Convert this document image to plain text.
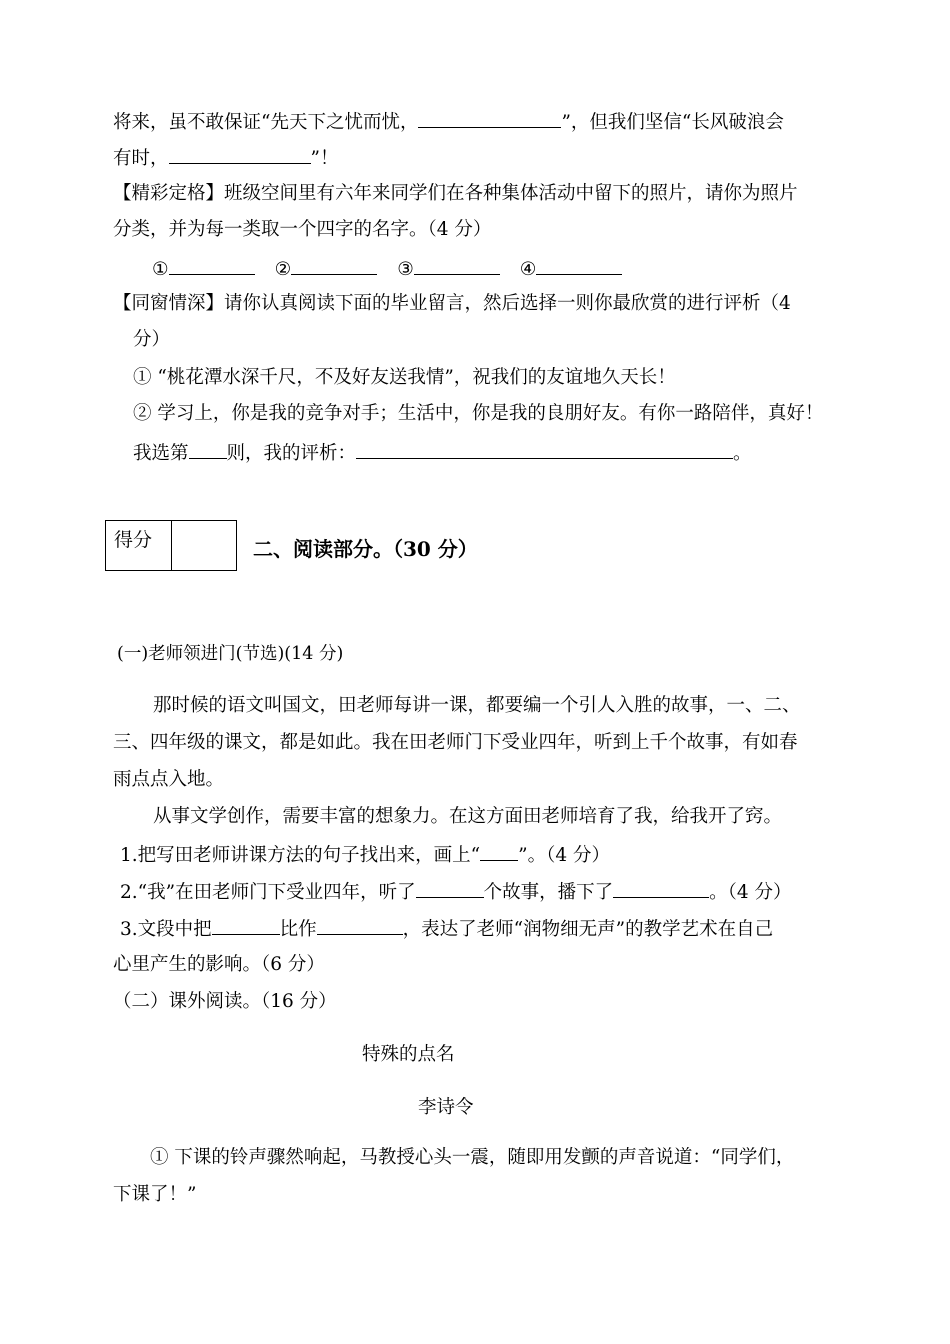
将来，虽不敢保证“先天下之忧而忧，	”，但我们坚信“长风破浪会
有时，	”！
【精彩定格】班级空间里有六年来同学们在各种集体活动中留下的照片，请你为照片
分类，并为每一类取一个四字的名字。（4 分）
①	②	③	④
【同窗情深】请你认真阅读下面的毕业留言，然后选择一则你最欣赏的进行评析（4
分）
① “桃花潭水深千尺，不及好友送我情”，祝我们的友谊地久天长！
② 学习上，你是我的竞争对手；生活中，你是我的良朋好友。有你一路陪伴，真好！
我选第 则，我的评析：	。
得分	二、阅读部分。（30 分）
(一)老师领进门(节选)(14 分)
那时候的语文叫国文，田老师每讲一课，都要编一个引人入胜的故事，一、二、
三、四年级的课文，都是如此。我在田老师门下受业四年，听到上千个故事，有如春
雨点点入地。
从事文学创作，需要丰富的想象力。在这方面田老师培育了我，给我开了窍。
1.把写田老师讲课方法的句子找出来，画上“ ”。（4 分）
2.“我”在田老师门下受业四年，听了	个故事，播下了	。（4 分）
3.文段中把	比作	，表达了老师“润物细无声”的教学艺术在自己
心里产生的影响。（6 分）
（二）课外阅读。（16 分）
特殊的点名
李诗令
① 下课的铃声骤然响起，马教授心头一震，随即用发颤的声音说道：“同学们，
下课了！”
